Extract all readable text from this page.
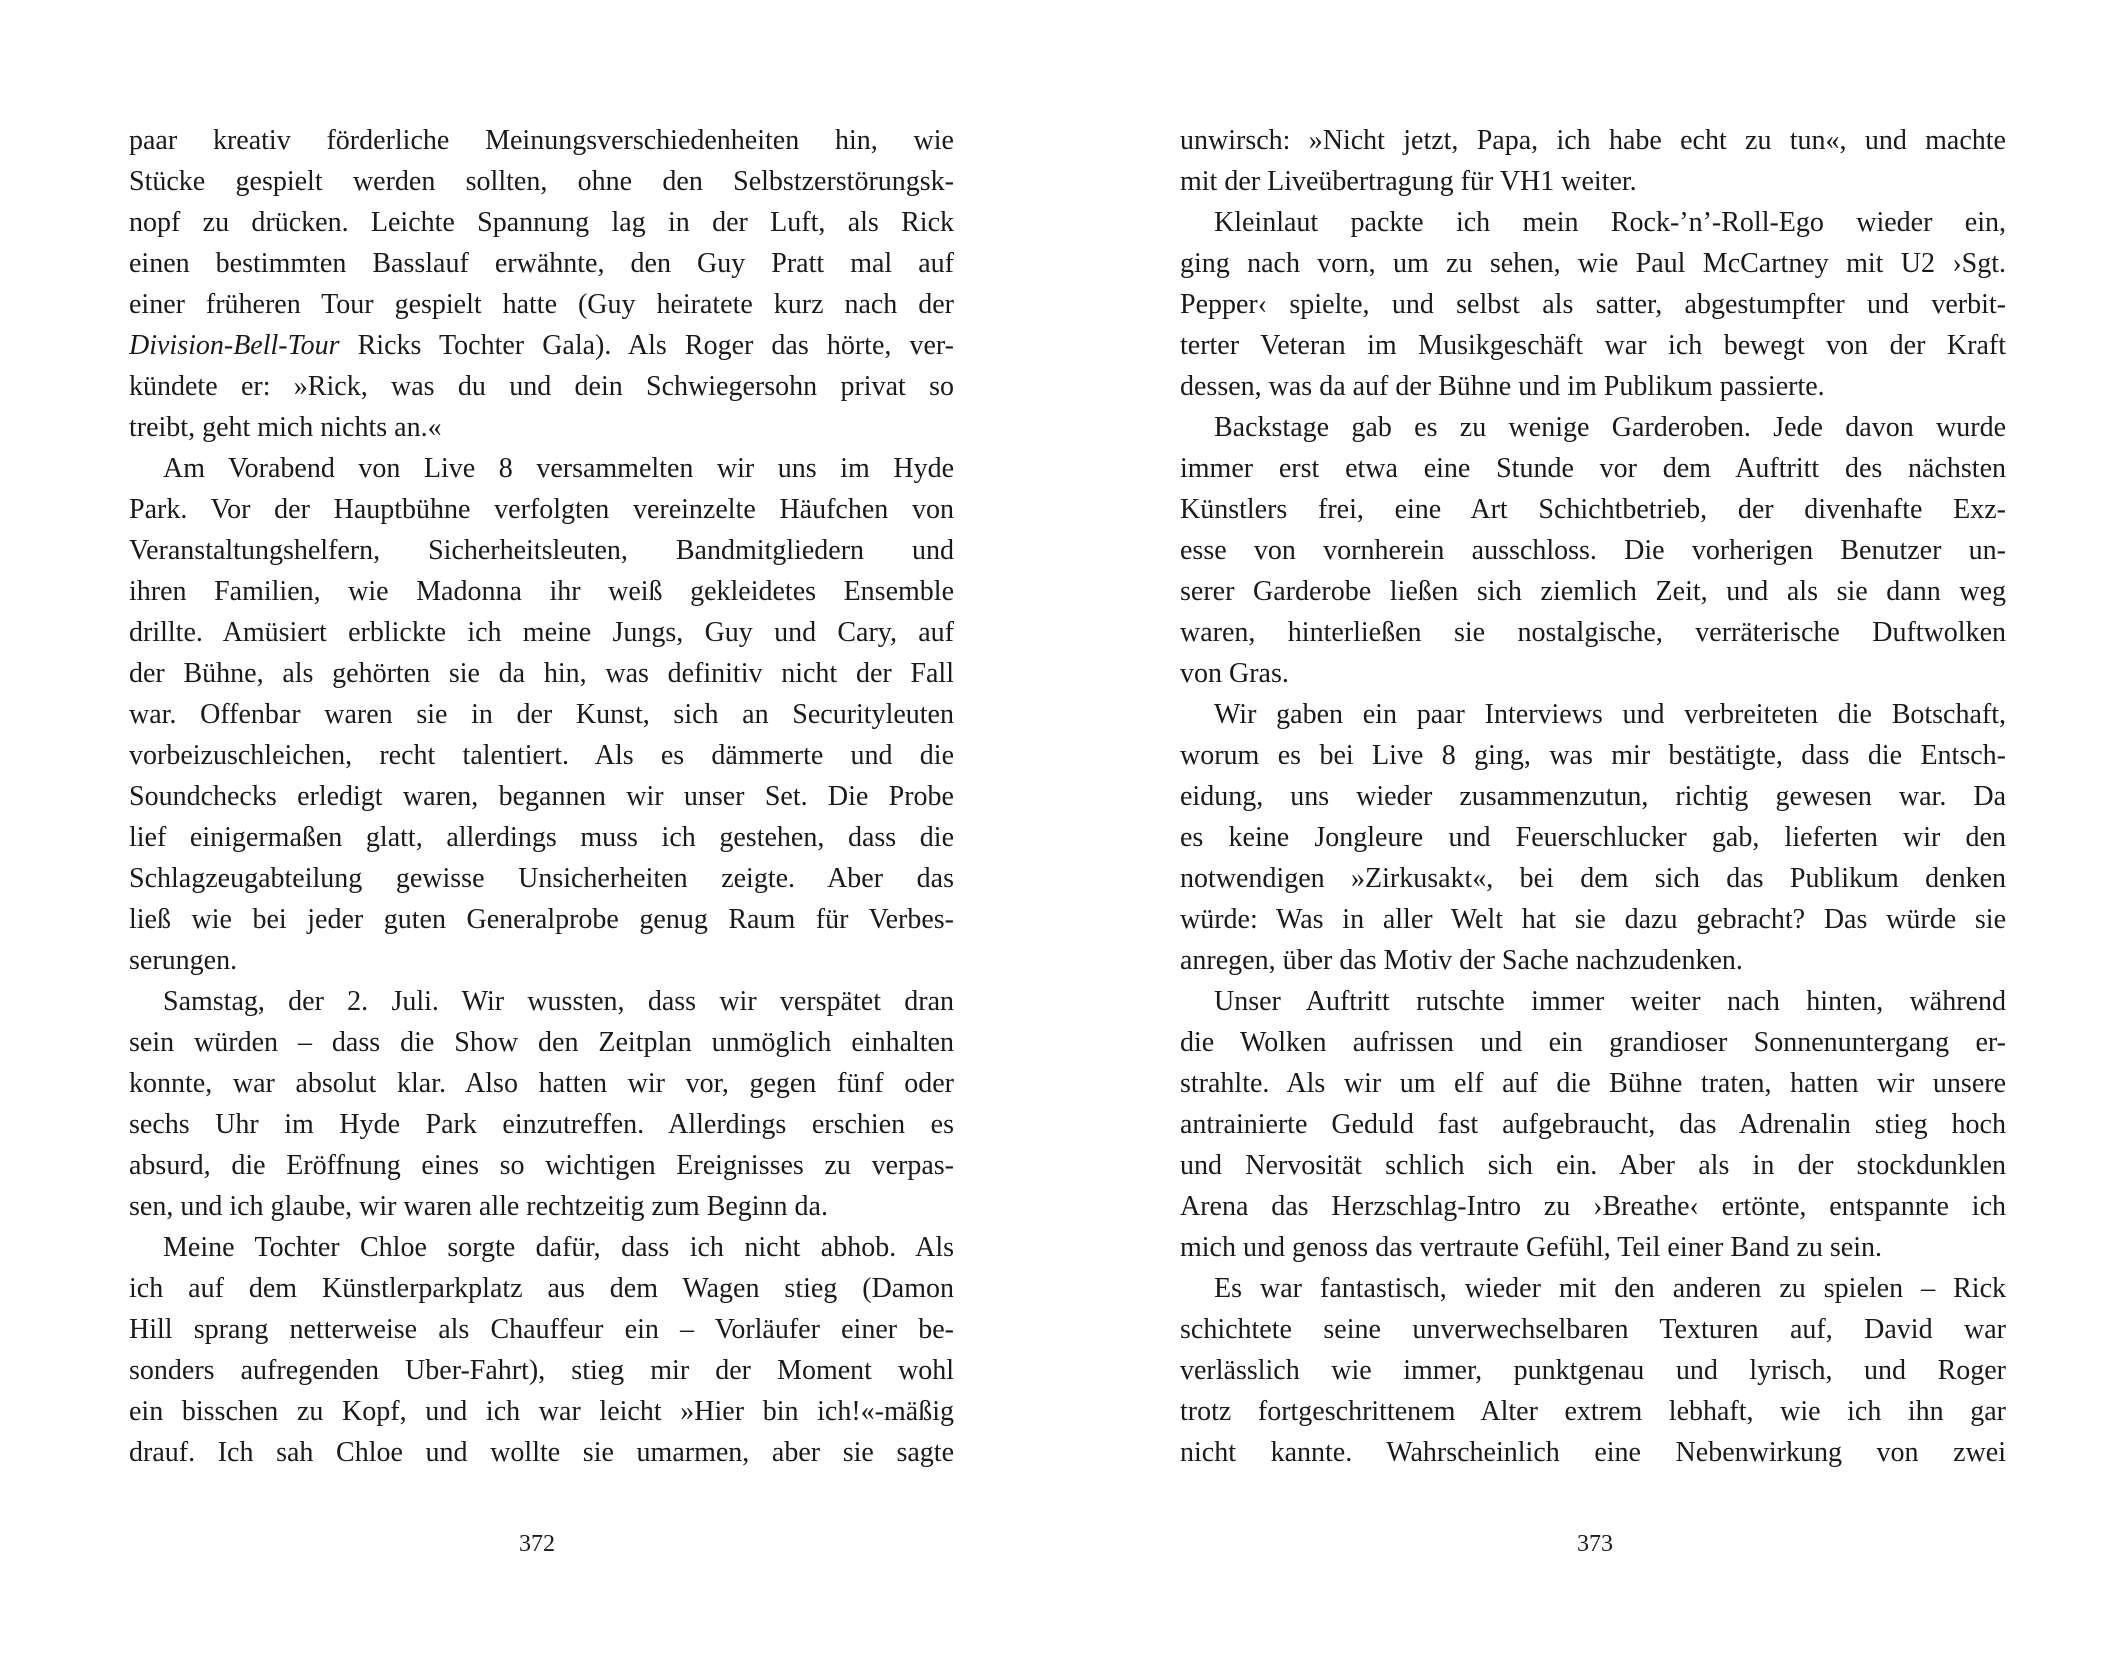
372
paar kreativ förderliche Meinungsverschiedenheiten hin, wie
Stücke gespielt werden sollten, ohne den Selbstzerstörungsk-
nopf zu drücken. Leichte Spannung lag in der Luft, als Rick
einen bestimmten Basslauf erwähnte, den Guy Pratt mal auf
einer früheren Tour gespielt hatte (Guy heiratete kurz nach der
Division-Bell-Tour Ricks Tochter Gala). Als Roger das hörte, ver-
kündete er: »Rick, was du und dein Schwiegersohn privat so
treibt, geht mich nichts an.«
Am Vorabend von Live 8 versammelten wir uns im Hyde
Park. Vor der Hauptbühne verfolgten vereinzelte Häufchen von
Veranstaltungshelfern, Sicherheitsleuten, Bandmitgliedern und
ihren Familien, wie Madonna ihr weiß gekleidetes Ensemble
drillte. Amüsiert erblickte ich meine Jungs, Guy und Cary, auf
der Bühne, als gehörten sie da hin, was definitiv nicht der Fall
war. Offenbar waren sie in der Kunst, sich an Securityleuten
vorbeizuschleichen, recht talentiert. Als es dämmerte und die
Soundchecks erledigt waren, begannen wir unser Set. Die Probe
lief einigermaßen glatt, allerdings muss ich gestehen, dass die
Schlagzeugabteilung gewisse Unsicherheiten zeigte. Aber das
ließ wie bei jeder guten Generalprobe genug Raum für Verbes-
serungen.
Samstag, der 2. Juli. Wir wussten, dass wir verspätet dran
sein würden – dass die Show den Zeitplan unmöglich einhalten
konnte, war absolut klar. Also hatten wir vor, gegen fünf oder
sechs Uhr im Hyde Park einzutreffen. Allerdings erschien es
absurd, die Eröffnung eines so wichtigen Ereignisses zu verpas-
sen, und ich glaube, wir waren alle rechtzeitig zum Beginn da.
Meine Tochter Chloe sorgte dafür, dass ich nicht abhob. Als
ich auf dem Künstlerparkplatz aus dem Wagen stieg (Damon
Hill sprang netterweise als Chauffeur ein – Vorläufer einer be-
sonders aufregenden Uber-Fahrt), stieg mir der Moment wohl
ein bisschen zu Kopf, und ich war leicht »Hier bin ich!«-mäßig
drauf. Ich sah Chloe und wollte sie umarmen, aber sie sagte
373
unwirsch: »Nicht jetzt, Papa, ich habe echt zu tun«, und machte
mit der Liveübertragung für VH1 weiter.
Kleinlaut packte ich mein Rock-’n’-Roll-Ego wieder ein,
ging nach vorn, um zu sehen, wie Paul McCartney mit U2 ›Sgt.
Pepper‹ spielte, und selbst als satter, abgestumpfter und verbit-
terter Veteran im Musikgeschäft war ich bewegt von der Kraft
dessen, was da auf der Bühne und im Publikum passierte.
Backstage gab es zu wenige Garderoben. Jede davon wurde
immer erst etwa eine Stunde vor dem Auftritt des nächsten
Künstlers frei, eine Art Schichtbetrieb, der divenhafte Exz-
esse von vornherein ausschloss. Die vorherigen Benutzer un-
serer Garderobe ließen sich ziemlich Zeit, und als sie dann weg
waren, hinterließen sie nostalgische, verräterische Duftwolken
von Gras.
Wir gaben ein paar Interviews und verbreiteten die Botschaft,
worum es bei Live 8 ging, was mir bestätigte, dass die Entsch-
eidung, uns wieder zusammenzutun, richtig gewesen war. Da
es keine Jongleure und Feuerschlucker gab, lieferten wir den
notwendigen »Zirkusakt«, bei dem sich das Publikum denken
würde: Was in aller Welt hat sie dazu gebracht? Das würde sie
anregen, über das Motiv der Sache nachzudenken.
Unser Auftritt rutschte immer weiter nach hinten, während
die Wolken aufrissen und ein grandioser Sonnenuntergang er-
strahlte. Als wir um elf auf die Bühne traten, hatten wir unsere
antrainierte Geduld fast aufgebraucht, das Adrenalin stieg hoch
und Nervosität schlich sich ein. Aber als in der stockdunklen
Arena das Herzschlag-Intro zu ›Breathe‹ ertönte, entspannte ich
mich und genoss das vertraute Gefühl, Teil einer Band zu sein.
Es war fantastisch, wieder mit den anderen zu spielen – Rick
schichtete seine unverwechselbaren Texturen auf, David war
verlässlich wie immer, punktgenau und lyrisch, und Roger
trotz fortgeschrittenem Alter extrem lebhaft, wie ich ihn gar
nicht kannte. Wahrscheinlich eine Nebenwirkung von zwei
